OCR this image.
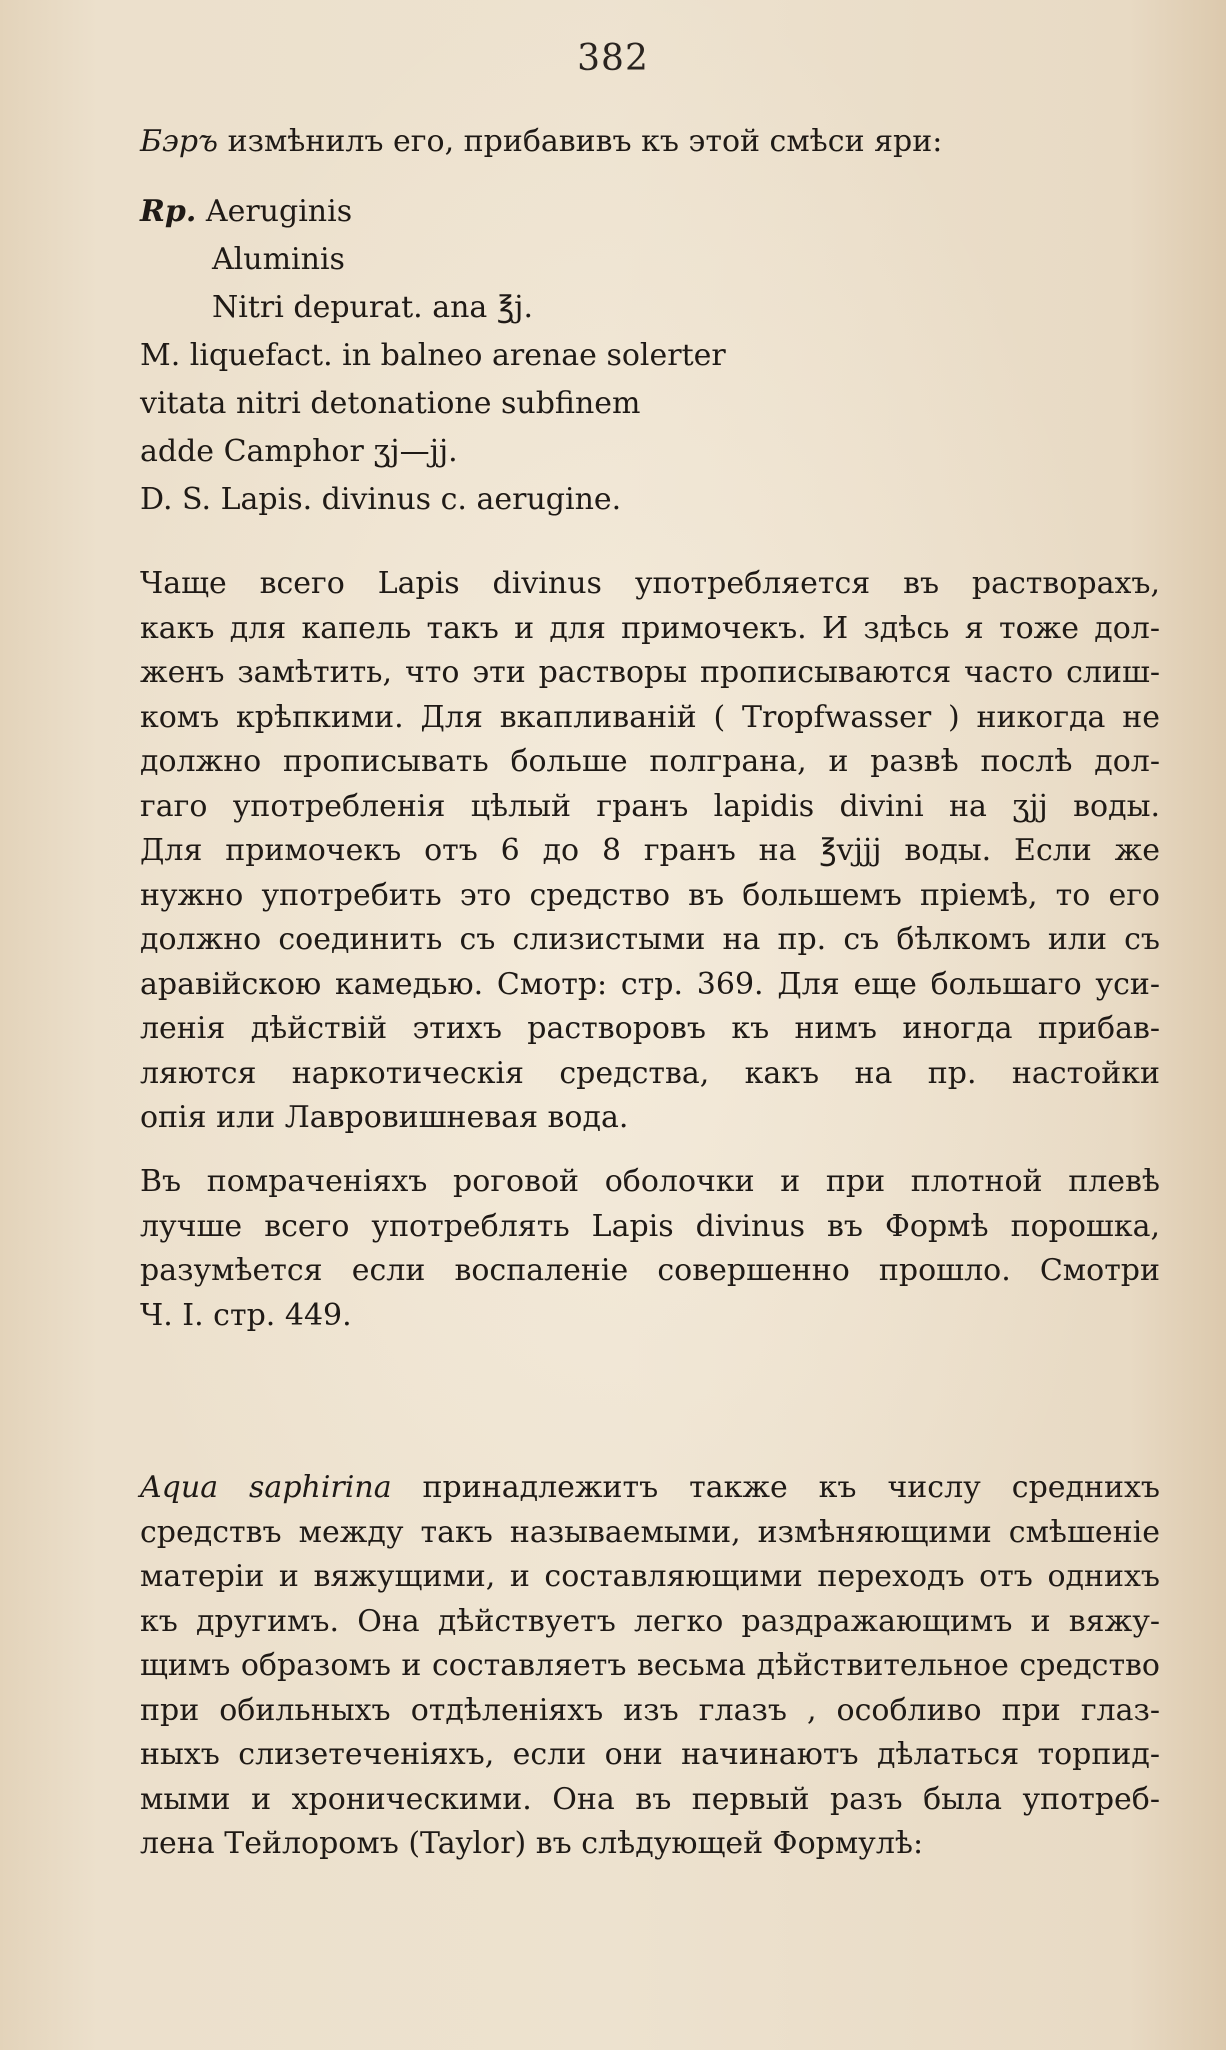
382
Бэръ измѣнилъ его, прибавивъ къ этой смѣси яри:
Rp. Aeruginis
Aluminis
Nitri depurat. ana ℥j.
M. liquefact. in balneo arenae solerter
vitata nitri detonatione subfinem
adde Camphor ʒj—jj.
D. S. Lapis. divinus c. aerugine.
Чаще всего Lapis divinus употребляется въ растворахъ,
какъ для капель такъ и для примочекъ. И здѣсь я тоже дол-
женъ замѣтить, что эти растворы прописываются часто слиш-
комъ крѣпкими. Для вкапливаній ( Tropfwasser ) никогда не
должно прописывать больше полграна, и развѣ послѣ дол-
гаго употребленія цѣлый гранъ lapidis divini на ʒjj воды.
Для примочекъ отъ 6 до 8 гранъ на ℥vjjj воды. Если же
нужно употребить это средство въ большемъ пріемѣ, то его
должно соединить съ слизистыми на пр. съ бѣлкомъ или съ
аравійскою камедью. Смотр: стр. 369. Для еще большаго уси-
ленія дѣйствій этихъ растворовъ къ нимъ иногда прибав-
ляются наркотическія средства, какъ на пр. настойки
опія или Лавровишневая вода.
Въ помраченіяхъ роговой оболочки и при плотной плевѣ
лучше всего употреблять Lapis divinus въ Формѣ порошка,
разумѣется если воспаленіе совершенно прошло. Смотри
Ч. I. стр. 449.
Aqua saphirina принадлежитъ также къ числу среднихъ
средствъ между такъ называемыми, измѣняющими смѣшеніе
матеріи и вяжущими, и составляющими переходъ отъ однихъ
къ другимъ. Она дѣйствуетъ легко раздражающимъ и вяжу-
щимъ образомъ и составляетъ весьма дѣйствительное средство
при обильныхъ отдѣленіяхъ изъ глазъ , особливо при глаз-
ныхъ слизетеченіяхъ, если они начинаютъ дѣлаться торпид-
мыми и хроническими. Она въ первый разъ была употреб-
лена Тейлоромъ (Taylor) въ слѣдующей Формулѣ:
